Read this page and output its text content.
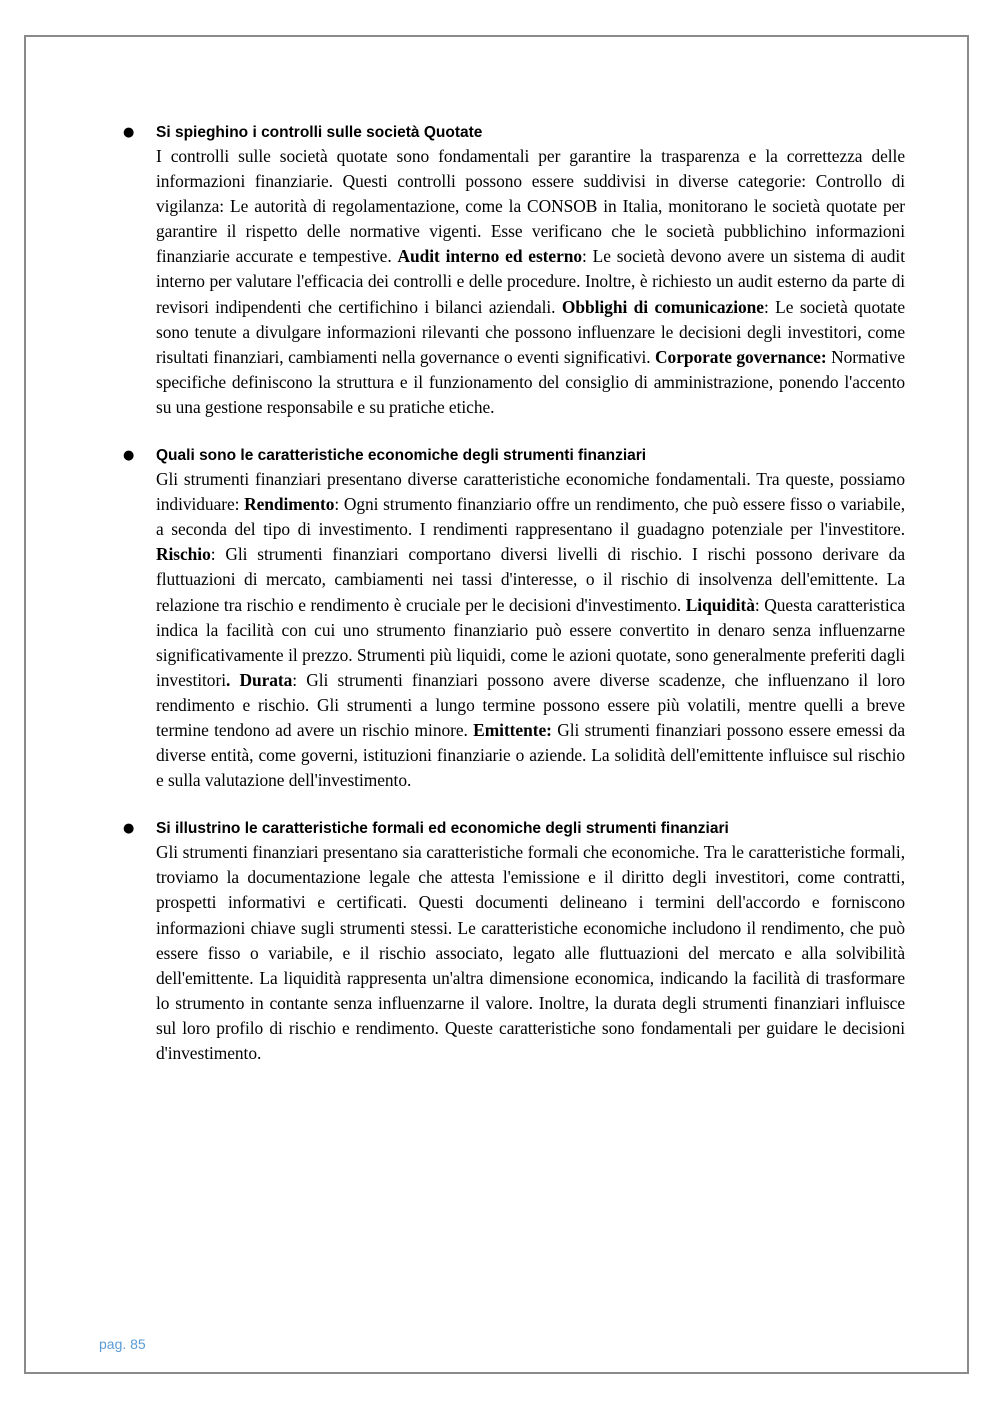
● Si spieghino i controlli sulle società Quotate

I controlli sulle società quotate sono fondamentali per garantire la trasparenza e la correttezza delle informazioni finanziarie. Questi controlli possono essere suddivisi in diverse categorie: Controllo di vigilanza: Le autorità di regolamentazione, come la CONSOB in Italia, monitorano le società quotate per garantire il rispetto delle normative vigenti. Esse verificano che le società pubblichino informazioni finanziarie accurate e tempestive. Audit interno ed esterno: Le società devono avere un sistema di audit interno per valutare l'efficacia dei controlli e delle procedure. Inoltre, è richiesto un audit esterno da parte di revisori indipendenti che certifichino i bilanci aziendali. Obblighi di comunicazione: Le società quotate sono tenute a divulgare informazioni rilevanti che possono influenzare le decisioni degli investitori, come risultati finanziari, cambiamenti nella governance o eventi significativi. Corporate governance: Normative specifiche definiscono la struttura e il funzionamento del consiglio di amministrazione, ponendo l'accento su una gestione responsabile e su pratiche etiche.

● Quali sono le caratteristiche economiche degli strumenti finanziari

Gli strumenti finanziari presentano diverse caratteristiche economiche fondamentali. Tra queste, possiamo individuare: Rendimento: Ogni strumento finanziario offre un rendimento, che può essere fisso o variabile, a seconda del tipo di investimento. I rendimenti rappresentano il guadagno potenziale per l'investitore. Rischio: Gli strumenti finanziari comportano diversi livelli di rischio. I rischi possono derivare da fluttuazioni di mercato, cambiamenti nei tassi d'interesse, o il rischio di insolvenza dell'emittente. La relazione tra rischio e rendimento è cruciale per le decisioni d'investimento. Liquidità: Questa caratteristica indica la facilità con cui uno strumento finanziario può essere convertito in denaro senza influenzarne significativamente il prezzo. Strumenti più liquidi, come le azioni quotate, sono generalmente preferiti dagli investitori. Durata: Gli strumenti finanziari possono avere diverse scadenze, che influenzano il loro rendimento e rischio. Gli strumenti a lungo termine possono essere più volatili, mentre quelli a breve termine tendono ad avere un rischio minore. Emittente: Gli strumenti finanziari possono essere emessi da diverse entità, come governi, istituzioni finanziarie o aziende. La solidità dell'emittente influisce sul rischio e sulla valutazione dell'investimento.

● Si illustrino le caratteristiche formali ed economiche degli strumenti finanziari

Gli strumenti finanziari presentano sia caratteristiche formali che economiche. Tra le caratteristiche formali, troviamo la documentazione legale che attesta l'emissione e il diritto degli investitori, come contratti, prospetti informativi e certificati. Questi documenti delineano i termini dell'accordo e forniscono informazioni chiave sugli strumenti stessi. Le caratteristiche economiche includono il rendimento, che può essere fisso o variabile, e il rischio associato, legato alle fluttuazioni del mercato e alla solvibilità dell'emittente. La liquidità rappresenta un'altra dimensione economica, indicando la facilità di trasformare lo strumento in contante senza influenzarne il valore. Inoltre, la durata degli strumenti finanziari influisce sul loro profilo di rischio e rendimento. Queste caratteristiche sono fondamentali per guidare le decisioni d'investimento.

pag. 85
